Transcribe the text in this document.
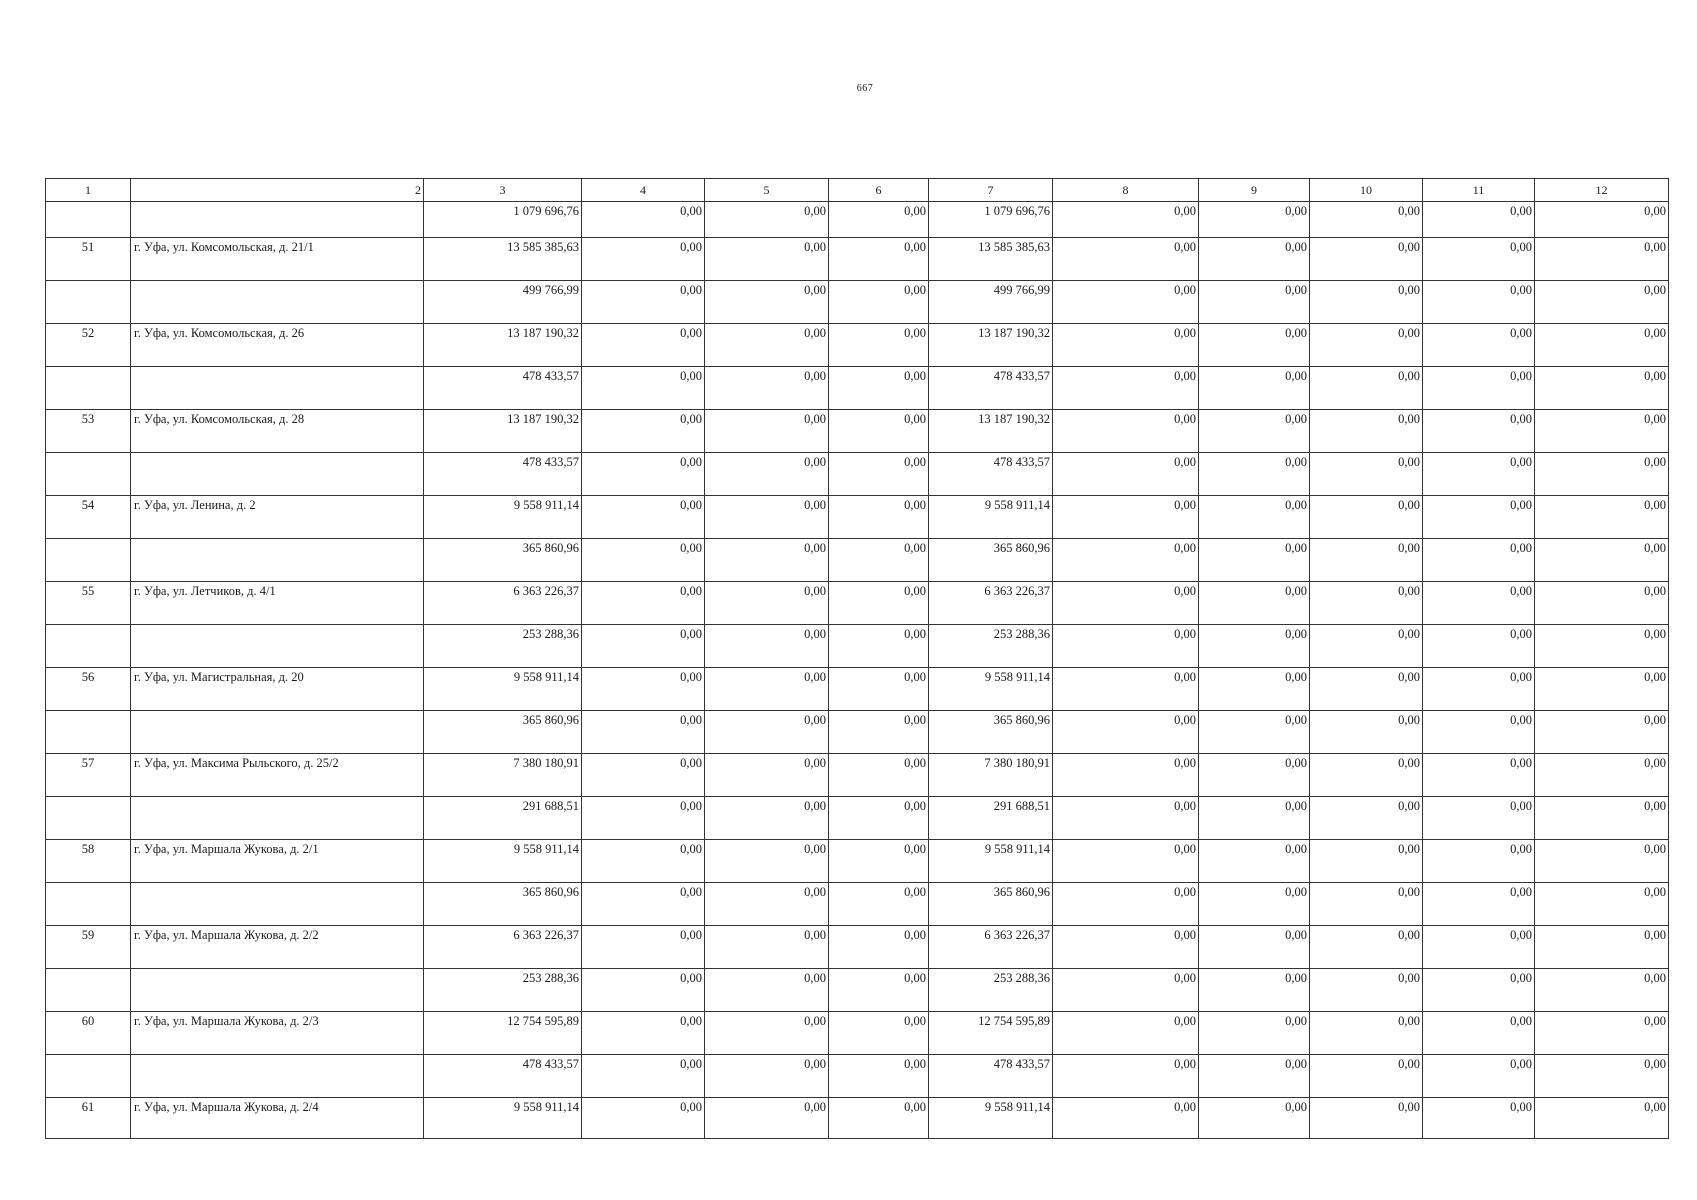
667
1	2	3	4	5	6	7	8	9	10	11	12
		1 079 696,76	0,00	0,00	0,00	1 079 696,76	0,00	0,00	0,00	0,00	0,00
51	г. Уфа, ул. Комсомольская, д. 21/1	13 585 385,63	0,00	0,00	0,00	13 585 385,63	0,00	0,00	0,00	0,00	0,00
		499 766,99	0,00	0,00	0,00	499 766,99	0,00	0,00	0,00	0,00	0,00
52	г. Уфа, ул. Комсомольская, д. 26	13 187 190,32	0,00	0,00	0,00	13 187 190,32	0,00	0,00	0,00	0,00	0,00
		478 433,57	0,00	0,00	0,00	478 433,57	0,00	0,00	0,00	0,00	0,00
53	г. Уфа, ул. Комсомольская, д. 28	13 187 190,32	0,00	0,00	0,00	13 187 190,32	0,00	0,00	0,00	0,00	0,00
		478 433,57	0,00	0,00	0,00	478 433,57	0,00	0,00	0,00	0,00	0,00
54	г. Уфа, ул. Ленина, д. 2	9 558 911,14	0,00	0,00	0,00	9 558 911,14	0,00	0,00	0,00	0,00	0,00
		365 860,96	0,00	0,00	0,00	365 860,96	0,00	0,00	0,00	0,00	0,00
55	г. Уфа, ул. Летчиков, д. 4/1	6 363 226,37	0,00	0,00	0,00	6 363 226,37	0,00	0,00	0,00	0,00	0,00
		253 288,36	0,00	0,00	0,00	253 288,36	0,00	0,00	0,00	0,00	0,00
56	г. Уфа, ул. Магистральная, д. 20	9 558 911,14	0,00	0,00	0,00	9 558 911,14	0,00	0,00	0,00	0,00	0,00
		365 860,96	0,00	0,00	0,00	365 860,96	0,00	0,00	0,00	0,00	0,00
57	г. Уфа, ул. Максима Рыльского, д. 25/2	7 380 180,91	0,00	0,00	0,00	7 380 180,91	0,00	0,00	0,00	0,00	0,00
		291 688,51	0,00	0,00	0,00	291 688,51	0,00	0,00	0,00	0,00	0,00
58	г. Уфа, ул. Маршала Жукова, д. 2/1	9 558 911,14	0,00	0,00	0,00	9 558 911,14	0,00	0,00	0,00	0,00	0,00
		365 860,96	0,00	0,00	0,00	365 860,96	0,00	0,00	0,00	0,00	0,00
59	г. Уфа, ул. Маршала Жукова, д. 2/2	6 363 226,37	0,00	0,00	0,00	6 363 226,37	0,00	0,00	0,00	0,00	0,00
		253 288,36	0,00	0,00	0,00	253 288,36	0,00	0,00	0,00	0,00	0,00
60	г. Уфа, ул. Маршала Жукова, д. 2/3	12 754 595,89	0,00	0,00	0,00	12 754 595,89	0,00	0,00	0,00	0,00	0,00
		478 433,57	0,00	0,00	0,00	478 433,57	0,00	0,00	0,00	0,00	0,00
61	г. Уфа, ул. Маршала Жукова, д. 2/4	9 558 911,14	0,00	0,00	0,00	9 558 911,14	0,00	0,00	0,00	0,00	0,00
